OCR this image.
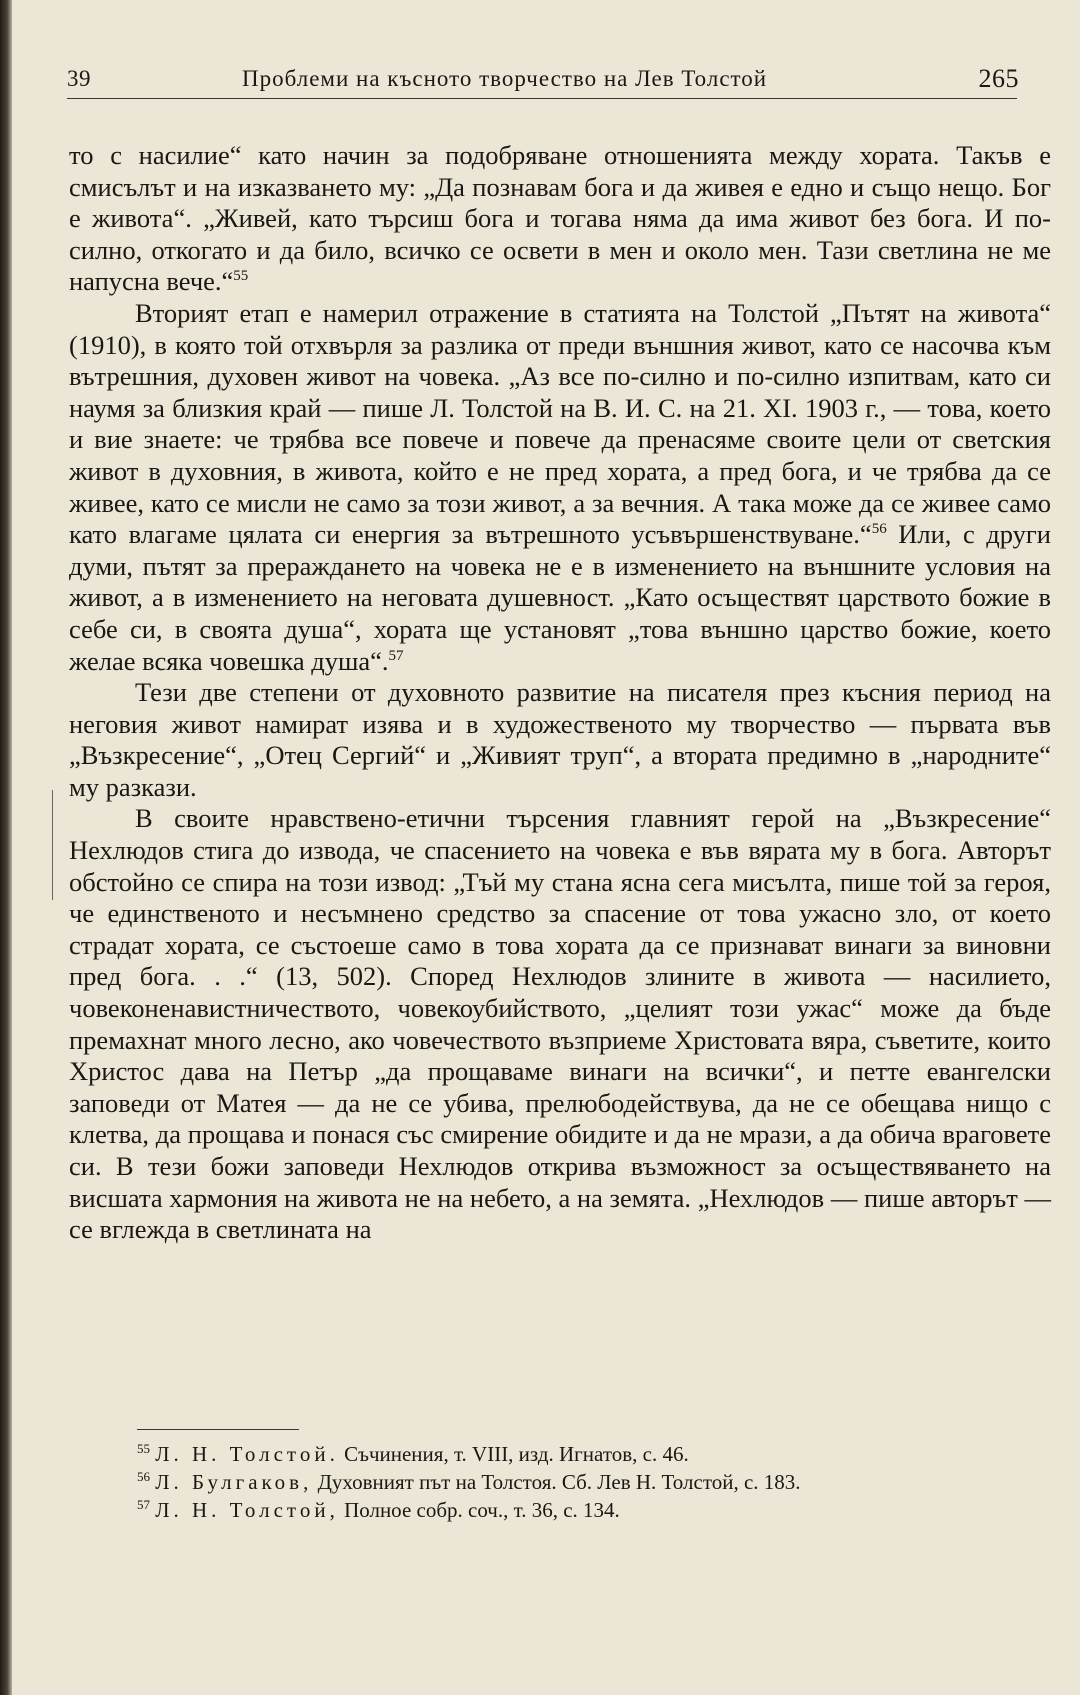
39	Проблеми на късното творчество на Лев Толстой	265

то с насилие“ като начин за подобряване отношенията между хората. Такъв е смисълът и на изказването му: „Да познавам бога и да живея е едно и също нещо. Бог е живота“. „Живей, като търсиш бога и тогава няма да има живот без бога. И по-силно, откогато и да било, всичко се освети в мен и около мен. Тази светлина не ме напусна вече.“$^{55}$

Вторият етап е намерил отражение в статията на Толстой „Пътят на живота“ (1910), в която той отхвърля за разлика от преди външния живот, като се насочва към вътрешния, духовен живот на човека. „Аз все по-силно и по-силно изпитвам, като си наумя за близкия край — пише Л. Толстой на В. И. С. на 21. XI. 1903 г., — това, което и вие знаете: че трябва все повече и повече да пренасяме своите цели от светския живот в духовния, в живота, който е не пред хората, а пред бога, и че трябва да се живее, като се мисли не само за този живот, а за вечния. А така може да се живее само като влагаме цялата си енергия за вътрешното усъвършенствуване.“$^{56}$ Или, с други думи, пътят за преражданeто на човека не е в изменението на външните условия на живот, а в изменението на неговата душевност. „Като осъществят царството божие в себе си, в своята душа“, хората ще установят „това външно царство божие, което желае всяка човешка душа“.$^{57}$

Тези две степени от духовното развитие на писателя през късния период на неговия живот намират изява и в художественото му творчество — първата във „Възкресение“, „Отец Сергий“ и „Живият труп“, а втората предимно в „народните“ му разкази.

В своите нравствено-етични търсения главният герой на „Възкресение“ Нехлюдов стига до извода, че спасението на човека е във вярата му в бога. Авторът обстойно се спира на този извод: „Тъй му стана ясна сега мисълта, пише той за героя, че единственото и несъмнено средство за спасение от това ужасно зло, от което страдат хората, се състоеше само в това хората да се признават винаги за виновни пред бога. . .“ (13, 502). Според Нехлюдов злините в живота — насилието, човеконенавистничеството, човекоубийството, „целият този ужас“ може да бъде премахнат много лесно, ако човечеството възприеме Христовата вяра, съветите, които Христос дава на Петър „да прощаваме винаги на всички“, и петте евангелски заповеди от Матея — да не се убива, прелюбодействува, да не се обещава нищо с клетва, да прощава и понася със смирение обидите и да не мрази, а да обича враговете си. В тези божи заповеди Нехлюдов открива възможност за осъществяването на висшата хармония на живота не на небето, а на земята. „Нехлюдов — пише авторът — се вглежда в светлината на

$^{55}$ Л. Н. Толстой. Съчинения, т. VIII, изд. Игнатов, с. 46.
$^{56}$ Л. Булгаков, Духовният път на Толстоя. Сб. Лев Н. Толстой, с. 183.
$^{57}$ Л. Н. Толстой, Полное собр. соч., т. 36, с. 134.
